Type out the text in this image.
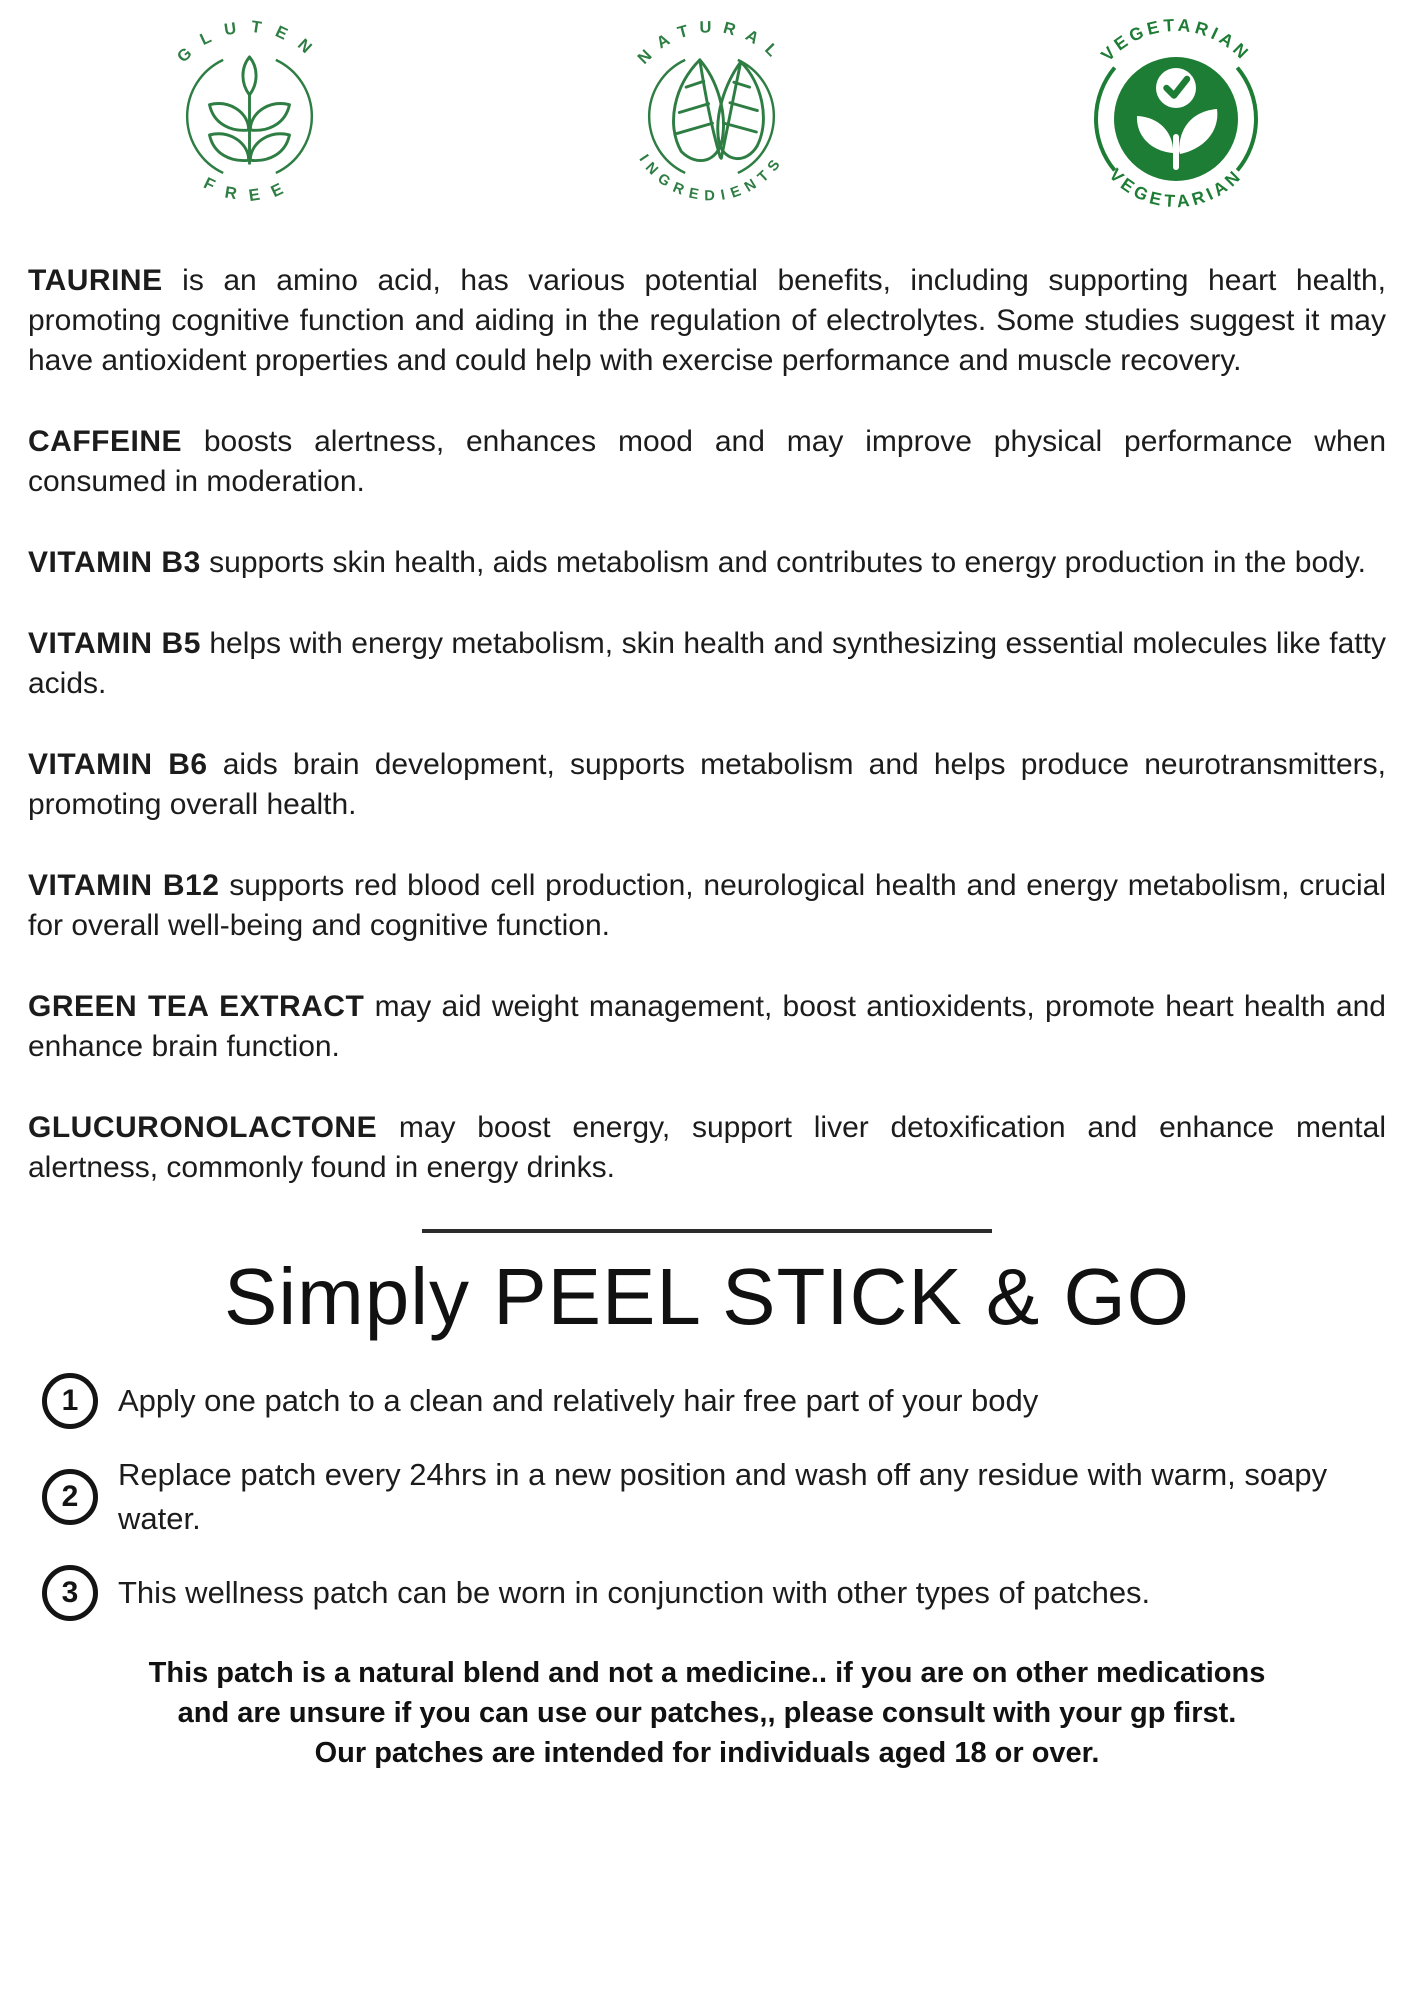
GLUTEN
FREE
NATURAL
INGREDIENTS
VEGETARIAN
VEGETARIAN

TAURINE is an amino acid, has various potential benefits, including supporting heart health, promoting cognitive function and aiding in the regulation of electrolytes. Some studies suggest it may have antioxident properties and could help with exercise performance and muscle recovery.

CAFFEINE boosts alertness, enhances mood and may improve physical performance when consumed in moderation.

VITAMIN B3 supports skin health, aids metabolism and contributes to energy production in the body.

VITAMIN B5 helps with energy metabolism, skin health and synthesizing essential molecules like fatty acids.

VITAMIN B6 aids brain development, supports metabolism and helps produce neurotransmitters, promoting overall health.

VITAMIN B12 supports red blood cell production, neurological health and energy metabolism, crucial for overall well-being and cognitive function.

GREEN TEA EXTRACT may aid weight management, boost antioxidents, promote heart health and enhance brain function.

GLUCURONOLACTONE may boost energy, support liver detoxification and enhance mental alertness, commonly found in energy drinks.

Simply PEEL STICK & GO
1 Apply one patch to a clean and relatively hair free part of your body

2

Replace patch every 24hrs in a new position and wash off any residue with warm, soapy water.

3 This wellness patch can be worn in conjunction with other types of patches.

This patch is a natural blend and not a medicine.. if you are on other medications
and are unsure if you can use our patches,, please consult with your gp first.
Our patches are intended for individuals aged 18 or over.
